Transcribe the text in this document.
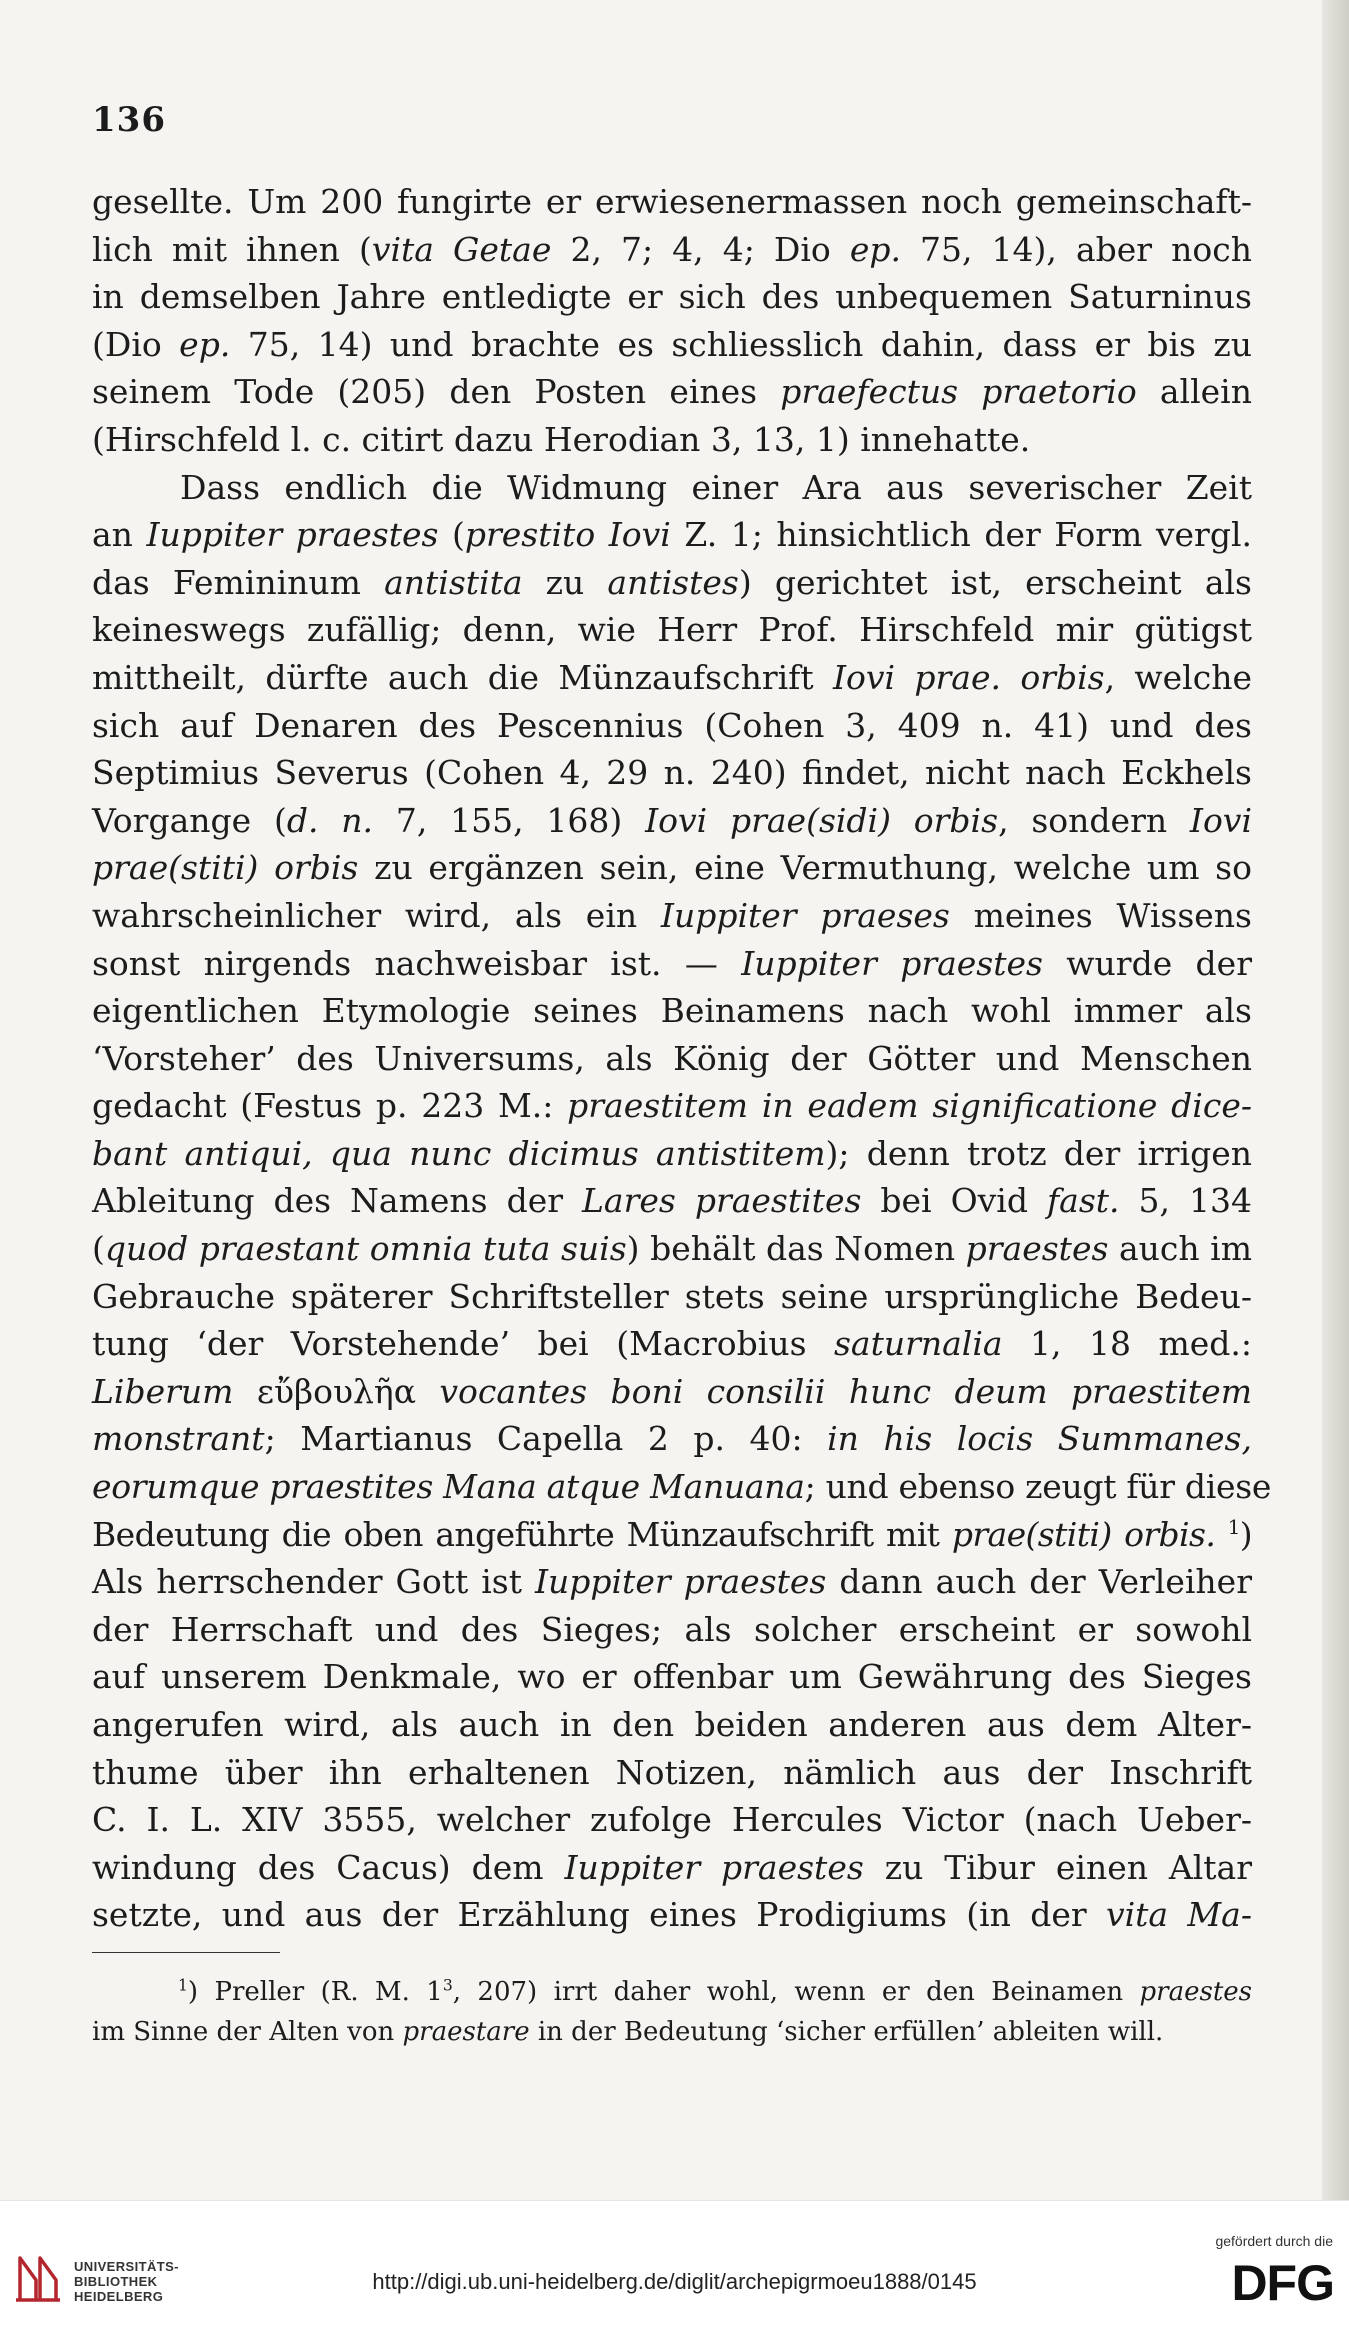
136
gesellte. Um 200 fungirte er erwiesenermassen noch gemeinschaft-
lich mit ihnen (vita Getae 2, 7; 4, 4; Dio ep. 75, 14), aber noch
in demselben Jahre entledigte er sich des unbequemen Saturninus
(Dio ep. 75, 14) und brachte es schliesslich dahin, dass er bis zu
seinem Tode (205) den Posten eines praefectus praetorio allein
(Hirschfeld l. c. citirt dazu Herodian 3, 13, 1) innehatte.
Dass endlich die Widmung einer Ara aus severischer Zeit
an Iuppiter praestes (prestito Iovi Z. 1; hinsichtlich der Form vergl.
das Femininum antistita zu antistes) gerichtet ist, erscheint als
keineswegs zufällig; denn, wie Herr Prof. Hirschfeld mir gütigst
mittheilt, dürfte auch die Münzaufschrift Iovi prae. orbis, welche
sich auf Denaren des Pescennius (Cohen 3, 409 n. 41) und des
Septimius Severus (Cohen 4, 29 n. 240) findet, nicht nach Eckhels
Vorgange (d. n. 7, 155, 168) Iovi prae(sidi) orbis, sondern Iovi
prae(stiti) orbis zu ergänzen sein, eine Vermuthung, welche um so
wahrscheinlicher wird, als ein Iuppiter praeses meines Wissens
sonst nirgends nachweisbar ist. — Iuppiter praestes wurde der
eigentlichen Etymologie seines Beinamens nach wohl immer als
‘Vorsteher’ des Universums, als König der Götter und Menschen
gedacht (Festus p. 223 M.: praestitem in eadem significatione dice-
bant antiqui, qua nunc dicimus antistitem); denn trotz der irrigen
Ableitung des Namens der Lares praestites bei Ovid fast. 5, 134
(quod praestant omnia tuta suis) behält das Nomen praestes auch im
Gebrauche späterer Schriftsteller stets seine ursprüngliche Bedeu-
tung ‘der Vorstehende’ bei (Macrobius saturnalia 1, 18 med.:
Liberum εὔβουλῆα vocantes boni consilii hunc deum praestitem
monstrant; Martianus Capella 2 p. 40: in his locis Summanes,
eorumque praestites Mana atque Manuana; und ebenso zeugt für diese
Bedeutung die oben angeführte Münzaufschrift mit prae(stiti) orbis. $^1$)
Als herrschender Gott ist Iuppiter praestes dann auch der Verleiher
der Herrschaft und des Sieges; als solcher erscheint er sowohl
auf unserem Denkmale, wo er offenbar um Gewährung des Sieges
angerufen wird, als auch in den beiden anderen aus dem Alter-
thume über ihn erhaltenen Notizen, nämlich aus der Inschrift
C. I. L. XIV 3555, welcher zufolge Hercules Victor (nach Ueber-
windung des Cacus) dem Iuppiter praestes zu Tibur einen Altar
setzte, und aus der Erzählung eines Prodigiums (in der vita Ma-
$^1$) Preller (R. M. $1^3$, 207) irrt daher wohl, wenn er den Beinamen praestes
im Sinne der Alten von praestare in der Bedeutung ‘sicher erfüllen’ ableiten will.
UNIVERSITÄTS-
BIBLIOTHEK
HEIDELBERG
http://digi.ub.uni-heidelberg.de/diglit/archepigrmoeu1888/0145
gefördert durch die
DFG
